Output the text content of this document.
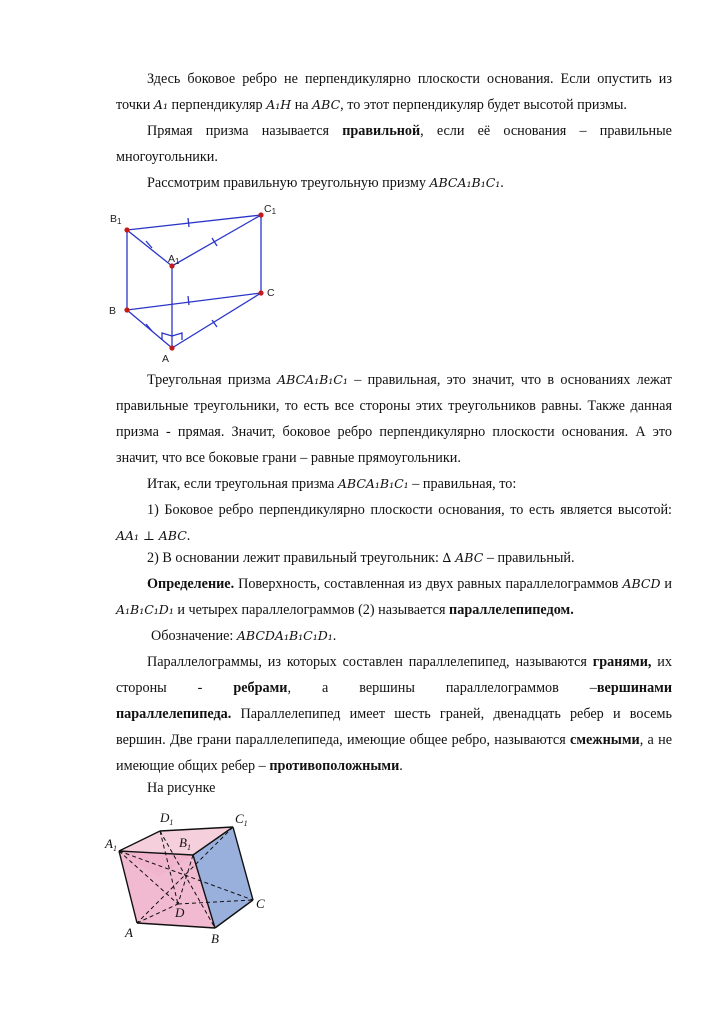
Здесь боковое ребро не перпендикулярно плоскости основания. Если опустить из точки A₁ перпендикуляр A₁H на ABC, то этот перпендикуляр будет высотой призмы.

Прямая призма называется правильной, если её основания – правильные многоугольники.

Рассмотрим правильную треугольную призму ABCA₁B₁C₁.

B1
C1
A1
B
C
A

Треугольная призма ABCA₁B₁C₁ – правильная, это значит, что в основаниях лежат правильные треугольники, то есть все стороны этих треугольников равны. Также данная призма - прямая. Значит, боковое ребро перпендикулярно плоскости основания. А это значит, что все боковые грани – равные прямоугольники.

Итак, если треугольная призма ABCA₁B₁C₁ – правильная, то:

1) Боковое ребро перпендикулярно плоскости основания, то есть является высотой: AA₁ ⊥ ABC.

2) В основании лежит правильный треугольник: ∆ ABC – правильный.

Определение. Поверхность, составленная из двух равных параллелограммов ABCD и A₁B₁C₁D₁ и четырех параллелограммов (2) называется параллелепипедом.

Обозначение: ABCDA₁B₁C₁D₁.

Параллелограммы, из которых составлен параллелепипед, называются гранями, их

стороны - ребрами, а вершины параллелограммов –вершинами

параллелепипеда. Параллелепипед имеет шесть граней, двенадцать ребер и восемь вершин. Две грани параллелепипеда, имеющие общее ребро, называются смежными, а не имеющие общих ребер – противоположными.

На рисунке

$D_1$	$C_1$
$A_1$	$B_1$
D
C
A	B
